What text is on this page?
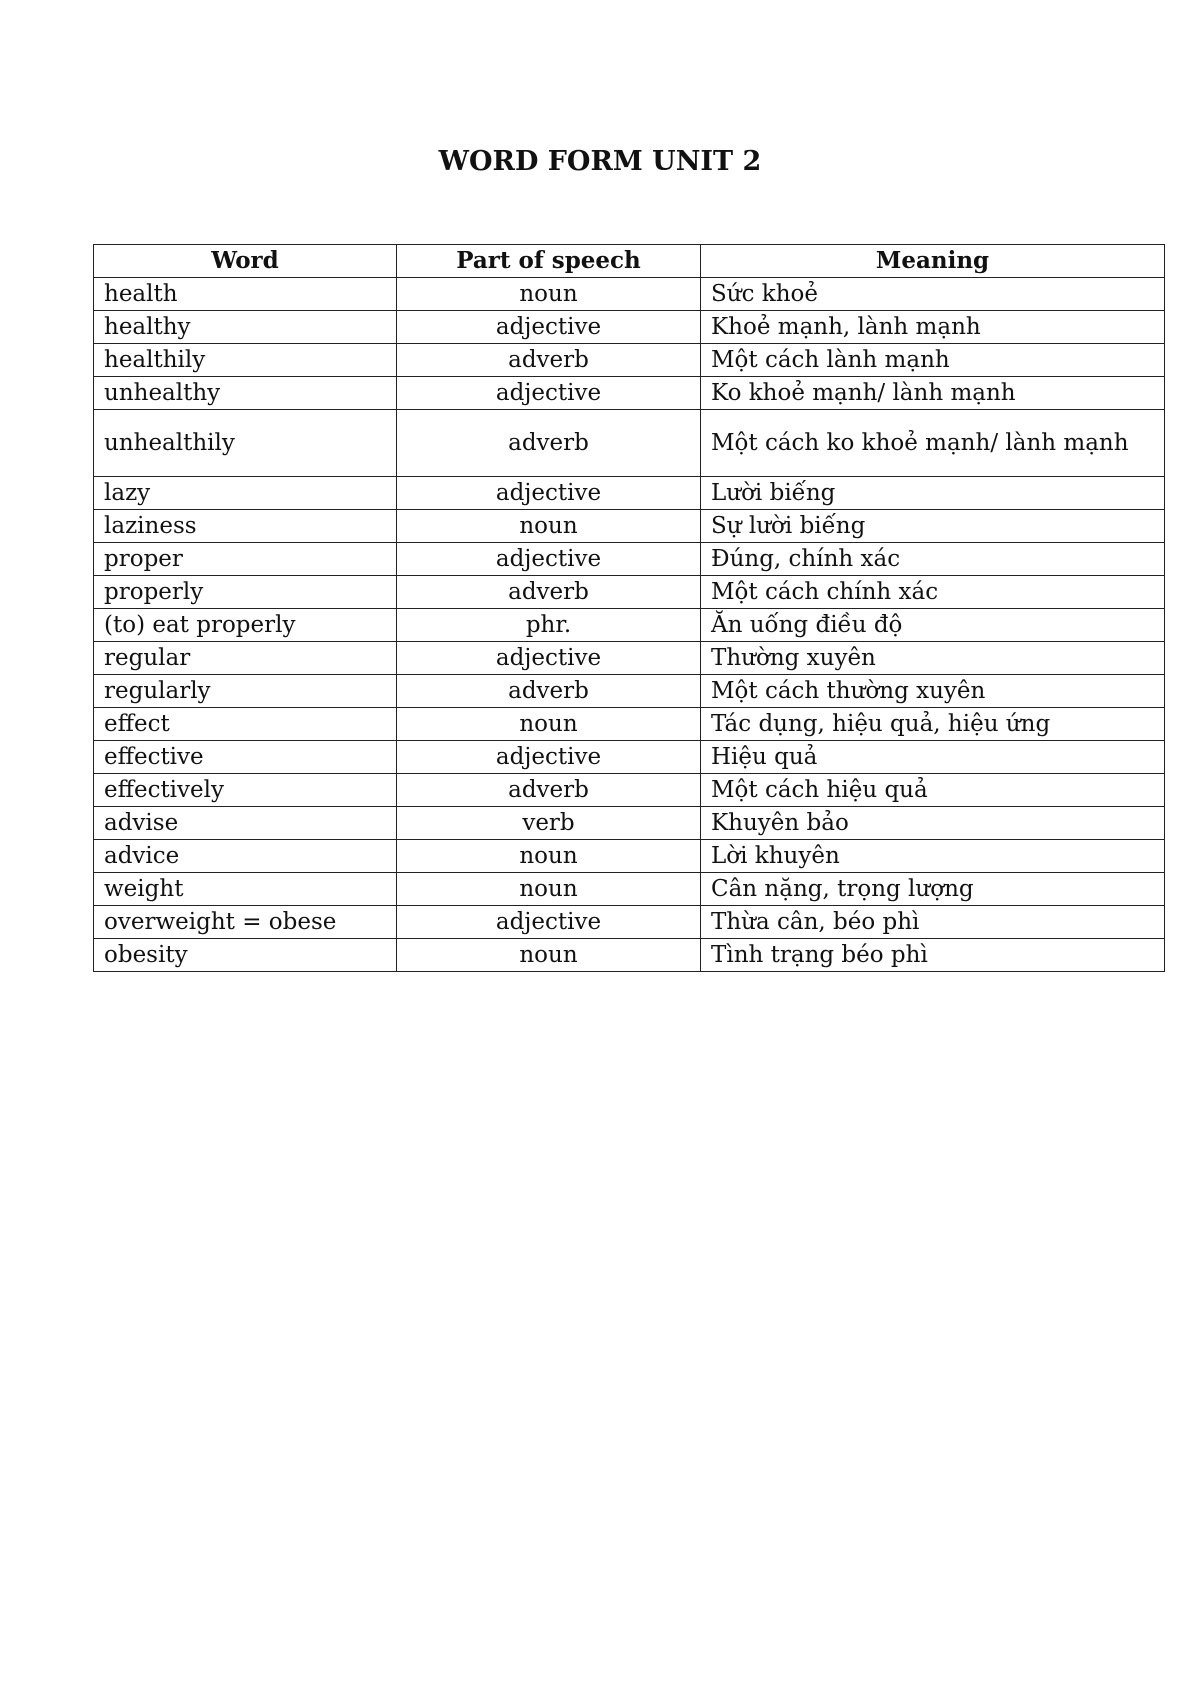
WORD FORM UNIT 2
Word	Part of speech	Meaning
health	noun	Sức khoẻ
healthy	adjective	Khoẻ mạnh, lành mạnh
healthily	adverb	Một cách lành mạnh
unhealthy	adjective	Ko khoẻ mạnh/ lành mạnh
unhealthily	adverb	Một cách ko khoẻ mạnh/ lành mạnh
lazy	adjective	Lười biếng
laziness	noun	Sự lười biếng
proper	adjective	Đúng, chính xác
properly	adverb	Một cách chính xác
(to) eat properly	phr.	Ăn uống điều độ
regular	adjective	Thường xuyên
regularly	adverb	Một cách thường xuyên
effect	noun	Tác dụng, hiệu quả, hiệu ứng
effective	adjective	Hiệu quả
effectively	adverb	Một cách hiệu quả
advise	verb	Khuyên bảo
advice	noun	Lời khuyên
weight	noun	Cân nặng, trọng lượng
overweight = obese	adjective	Thừa cân, béo phì
obesity	noun	Tình trạng béo phì
